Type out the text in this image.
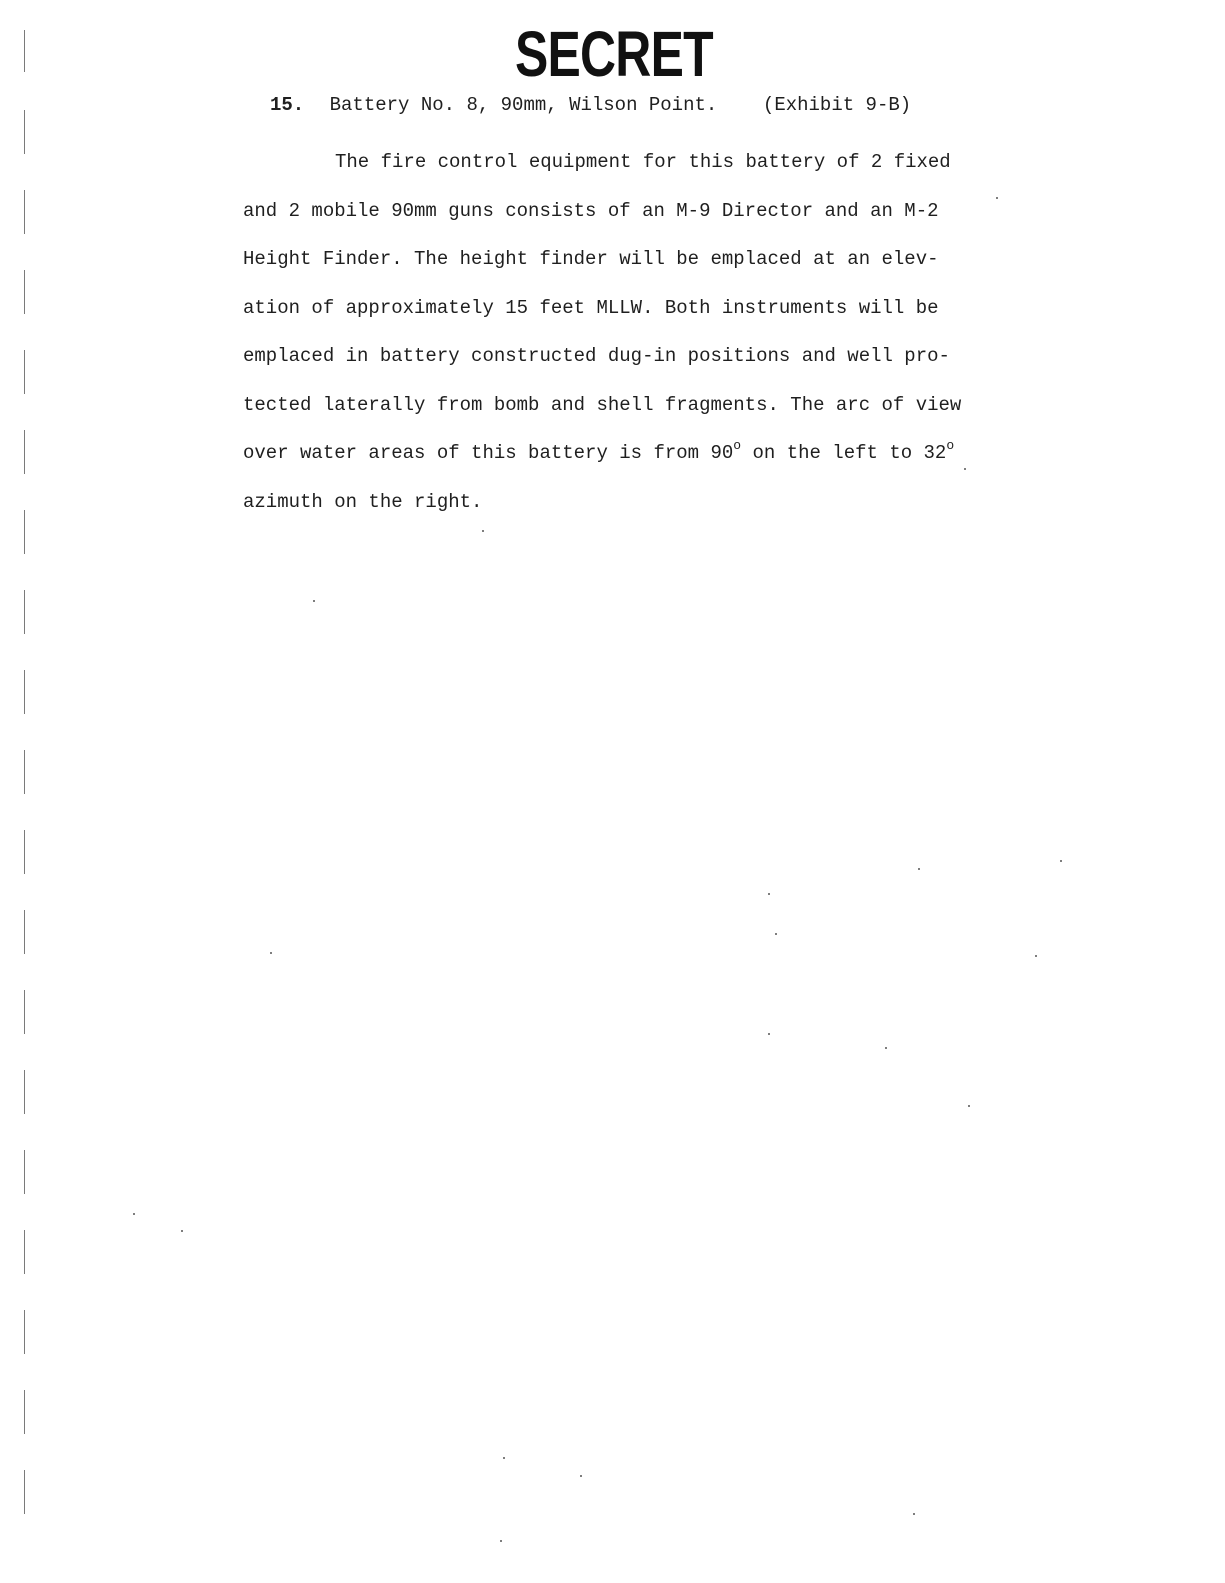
SECRET

15. Battery No. 8, 90mm, Wilson Point. (Exhibit 9-B)

The fire control equipment for this battery of 2 fixed
and 2 mobile 90mm guns consists of an M-9 Director and an M-2
Height Finder. The height finder will be emplaced at an elev-
ation of approximately 15 feet MLLW. Both instruments will be
emplaced in battery constructed dug-in positions and well pro-
tected laterally from bomb and shell fragments. The arc of view
over water areas of this battery is from 90$^o$ on the left to 32$^o$
azimuth on the right.
